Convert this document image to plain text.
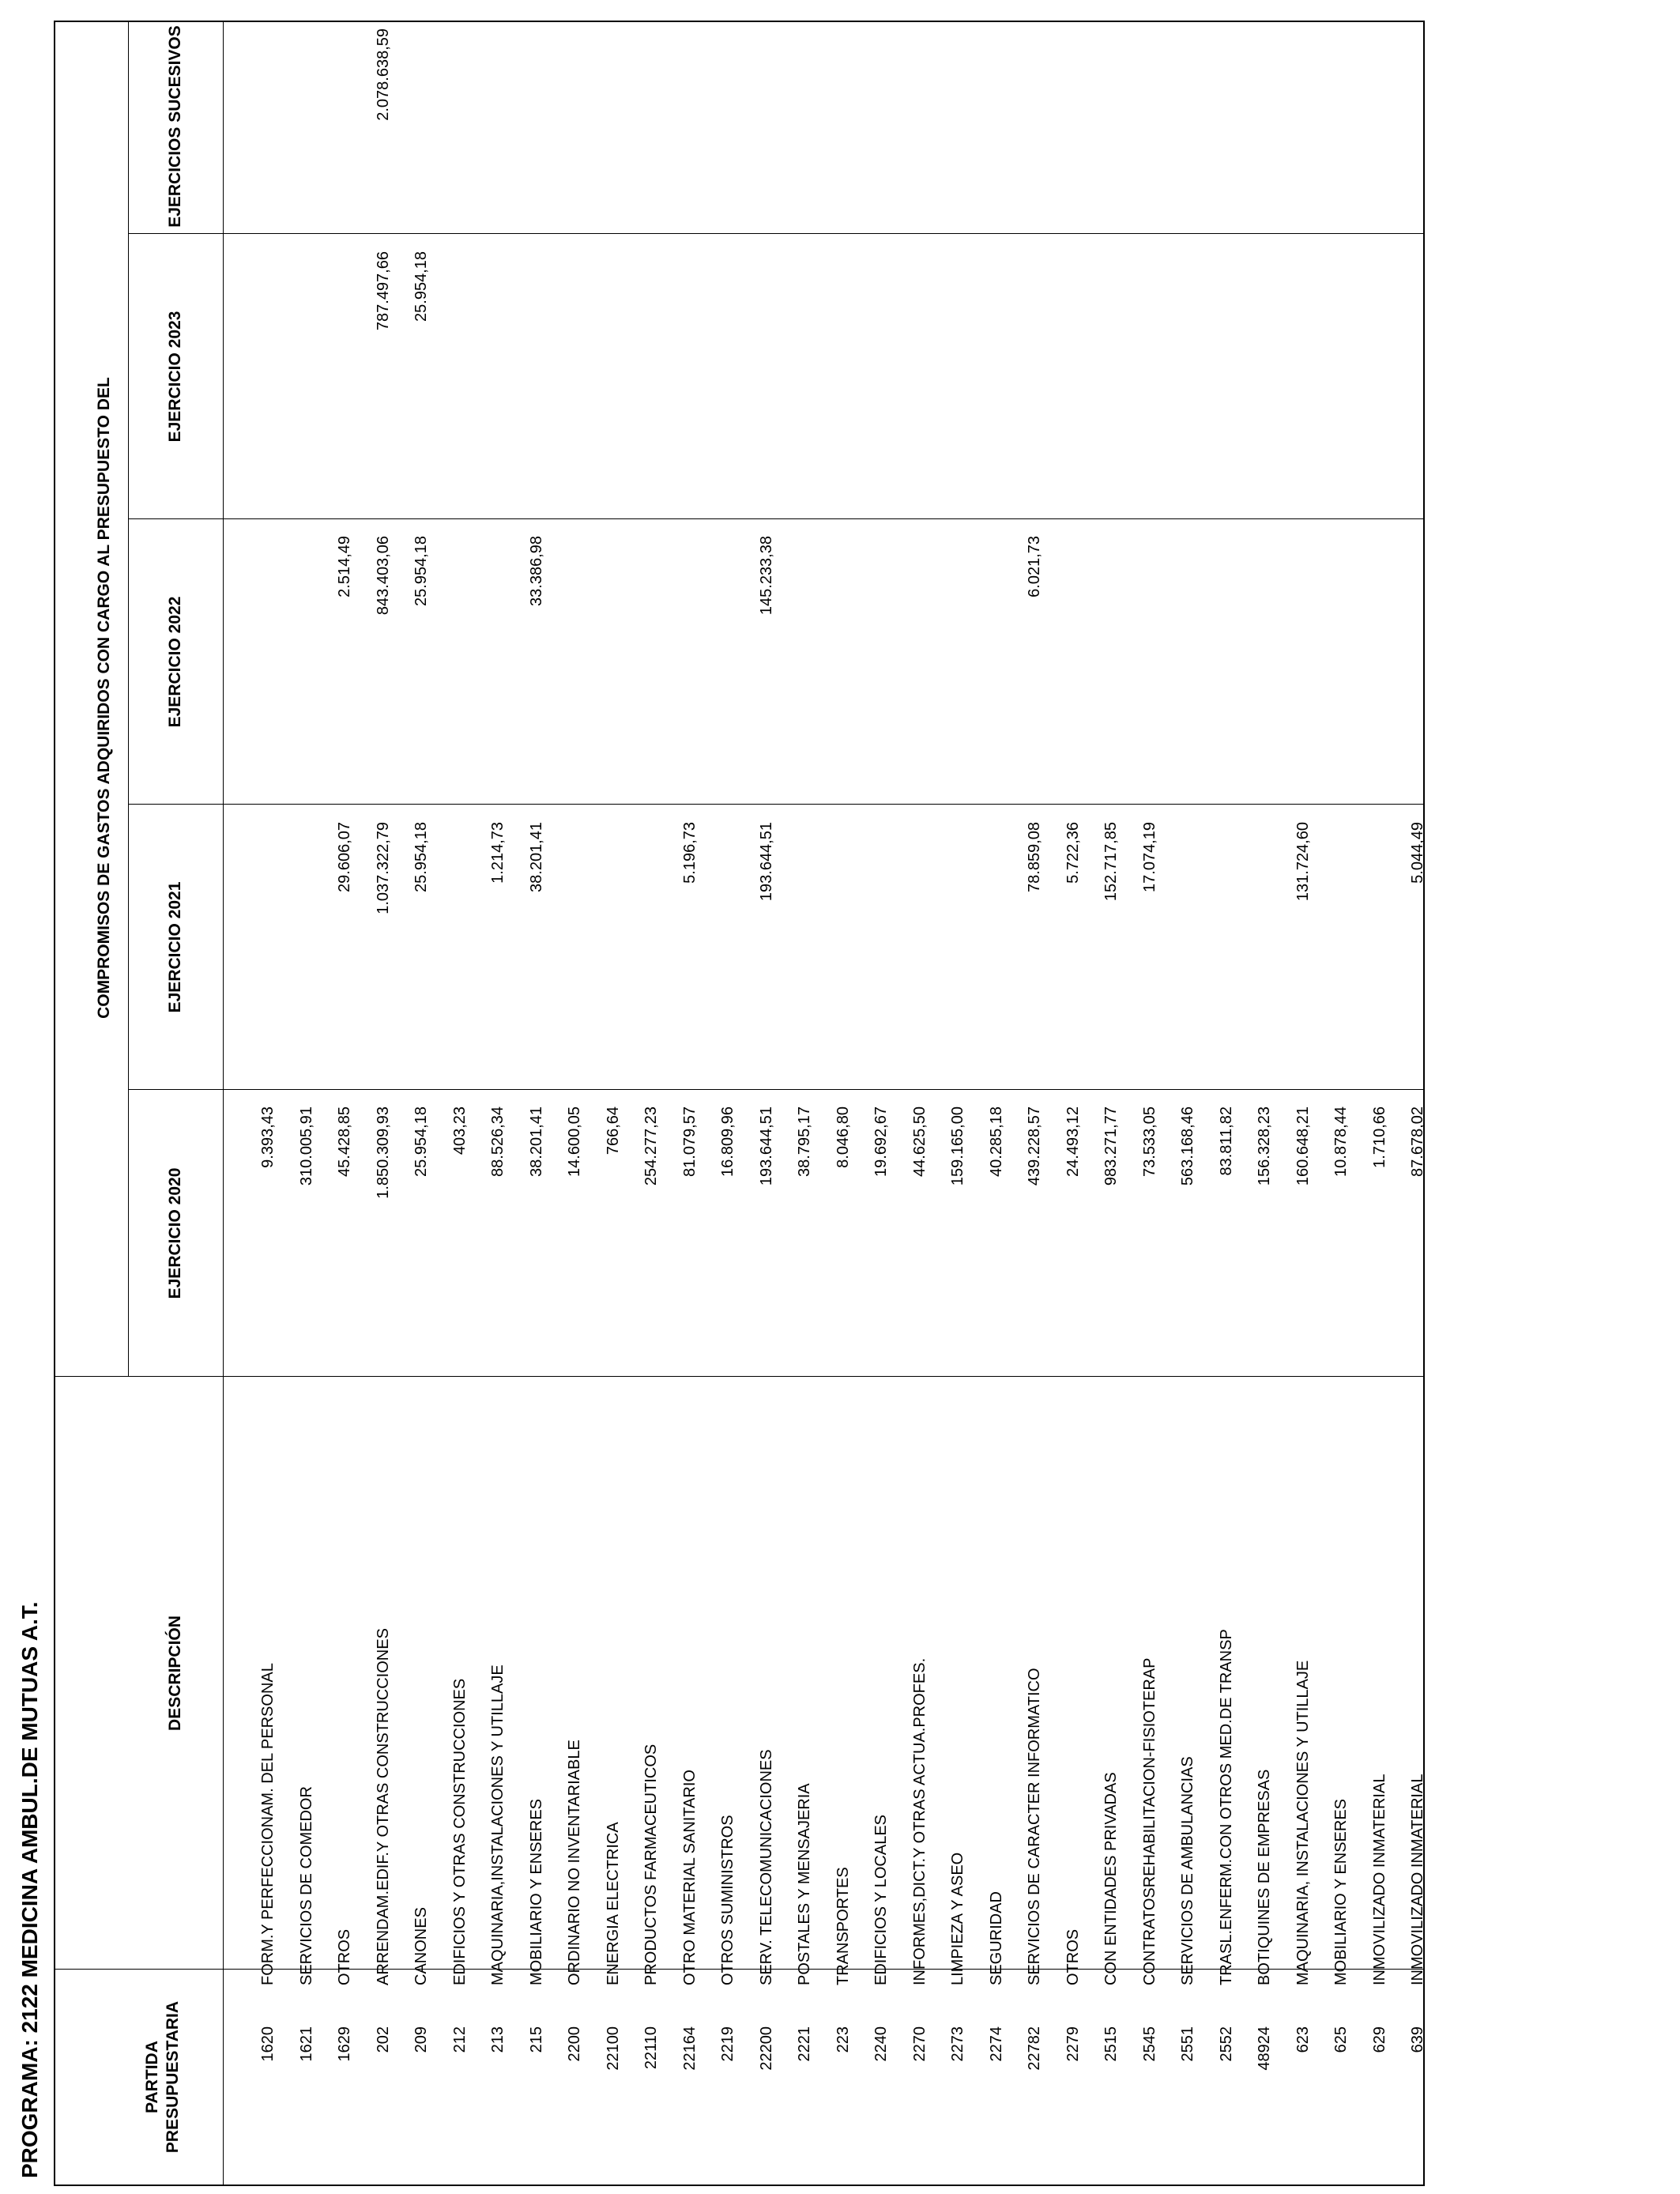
PROGRAMA: 2122 MEDICINA AMBUL.DE MUTUAS A.T.	PARTIDA PRESUPUESTARIA
DESCRIPCIÓN
COMPROMISOS DE GASTOS ADQUIRIDOS CON CARGO AL PRESUPUESTO DEL
EJERCICIO 2020
EJERCICIO 2021
EJERCICIO 2022
EJERCICIO 2023
EJERCICIOS SUCESIVOS
1620
FORM.Y PERFECCIONAM. DEL PERSONAL
9.393,43
1621
SERVICIOS DE COMEDOR
310.005,91
1629
OTROS
45.428,85
29.606,07
2.514,49
202
ARRENDAM.EDIF.Y OTRAS CONSTRUCCIONES
1.850.309,93
1.037.322,79
843.403,06
787.497,66
2.078.638,59
209
CANONES
25.954,18
25.954,18
25.954,18
25.954,18
212
EDIFICIOS Y OTRAS CONSTRUCCIONES
403,23
213
MAQUINARIA,INSTALACIONES Y UTILLAJE
88.526,34
1.214,73
215
MOBILIARIO Y ENSERES
38.201,41
38.201,41
33.386,98
2200
ORDINARIO NO INVENTARIABLE
14.600,05
22100
ENERGIA ELECTRICA
766,64
22110
PRODUCTOS FARMACEUTICOS
254.277,23
22164
OTRO MATERIAL SANITARIO
81.079,57
5.196,73
2219
OTROS SUMINISTROS
16.809,96
22200
SERV. TELECOMUNICACIONES
193.644,51
193.644,51
145.233,38
2221
POSTALES Y MENSAJERIA
38.795,17
223
TRANSPORTES
8.046,80
2240
EDIFICIOS Y LOCALES
19.692,67
2270
INFORMES,DICT.Y OTRAS ACTUA.PROFES.
44.625,50
2273
LIMPIEZA Y ASEO
159.165,00
2274
SEGURIDAD
40.285,18
22782
SERVICIOS DE CARACTER INFORMATICO
439.228,57
78.859,08
6.021,73
2279
OTROS
24.493,12
5.722,36
2515
CON ENTIDADES PRIVADAS
983.271,77
152.717,85
2545
CONTRATOSREHABILITACION-FISIOTERAP
73.533,05
17.074,19
2551
SERVICIOS DE AMBULANCIAS
563.168,46
2552
TRASL.ENFERM.CON OTROS MED.DE TRANSP
83.811,82
48924
BOTIQUINES DE EMPRESAS
156.328,23
623
MAQUINARIA, INSTALACIONES Y UTILLAJE
160.648,21
131.724,60
625
MOBILIARIO Y ENSERES
10.878,44
629
INMOVILIZADO INMATERIAL
1.710,66
639
INMOVILIZADO INMATERIAL
87.678,02
5.044,49
